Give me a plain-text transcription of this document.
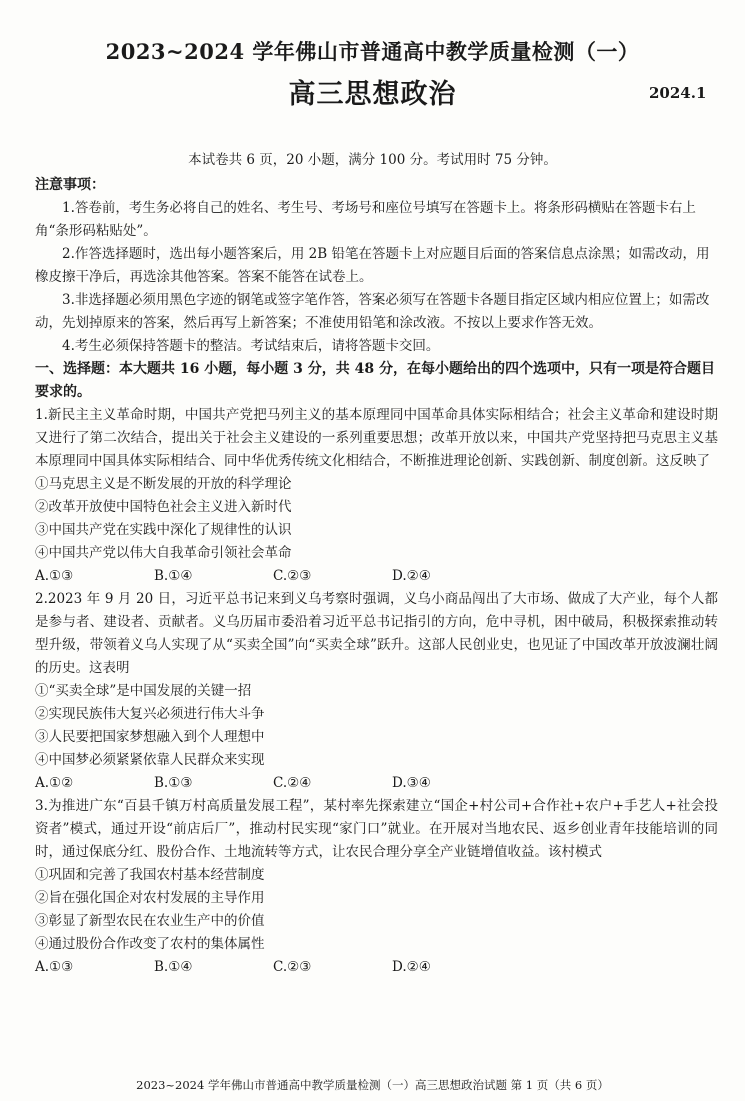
2023~2024 学年佛山市普通高中教学质量检测（一）
高三思想政治	2024.1
本试卷共 6 页，20 小题，满分 100 分。考试用时 75 分钟。
注意事项：
1.答卷前，考生务必将自己的姓名、考生号、考场号和座位号填写在答题卡上。将条形码横贴在答题卡右上角“条形码粘贴处”。
2.作答选择题时，选出每小题答案后，用 2B 铅笔在答题卡上对应题目后面的答案信息点涂黑；如需改动，用橡皮擦干净后，再选涂其他答案。答案不能答在试卷上。
3.非选择题必须用黑色字迹的钢笔或签字笔作答，答案必须写在答题卡各题目指定区域内相应位置上；如需改动，先划掉原来的答案，然后再写上新答案；不准使用铅笔和涂改液。不按以上要求作答无效。
4.考生必须保持答题卡的整洁。考试结束后，请将答题卡交回。
一、选择题：本大题共 16 小题，每小题 3 分，共 48 分，在每小题给出的四个选项中，只有一项是符合题目要求的。
1.新民主主义革命时期，中国共产党把马列主义的基本原理同中国革命具体实际相结合；社会主义革命和建设时期又进行了第二次结合，提出关于社会主义建设的一系列重要思想；改革开放以来，中国共产党坚持把马克思主义基本原理同中国具体实际相结合、同中华优秀传统文化相结合，不断推进理论创新、实践创新、制度创新。这反映了
①马克思主义是不断发展的开放的科学理论
②改革开放使中国特色社会主义进入新时代
③中国共产党在实践中深化了规律性的认识
④中国共产党以伟大自我革命引领社会革命
A.①③	B.①④	C.②③	D.②④
2.2023 年 9 月 20 日，习近平总书记来到义乌考察时强调，义乌小商品闯出了大市场、做成了大产业，每个人都是参与者、建设者、贡献者。义乌历届市委沿着习近平总书记指引的方向，危中寻机，困中破局，积极探索推动转型升级，带领着义乌人实现了从“买卖全国”向“买卖全球”跃升。这部人民创业史，也见证了中国改革开放波澜壮阔的历史。这表明
①“买卖全球”是中国发展的关键一招
②实现民族伟大复兴必须进行伟大斗争
③人民要把国家梦想融入到个人理想中
④中国梦必须紧紧依靠人民群众来实现
A.①②	B.①③	C.②④	D.③④
3.为推进广东“百县千镇万村高质量发展工程”，某村率先探索建立“国企+村公司+合作社+农户+手艺人+社会投资者”模式，通过开设“前店后厂”，推动村民实现“家门口”就业。在开展对当地农民、返乡创业青年技能培训的同时，通过保底分红、股份合作、土地流转等方式，让农民合理分享全产业链增值收益。该村模式
①巩固和完善了我国农村基本经营制度
②旨在强化国企对农村发展的主导作用
③彰显了新型农民在农业生产中的价值
④通过股份合作改变了农村的集体属性
A.①③	B.①④	C.②③	D.②④
2023~2024 学年佛山市普通高中教学质量检测（一）高三思想政治试题 第 1 页（共 6 页）
